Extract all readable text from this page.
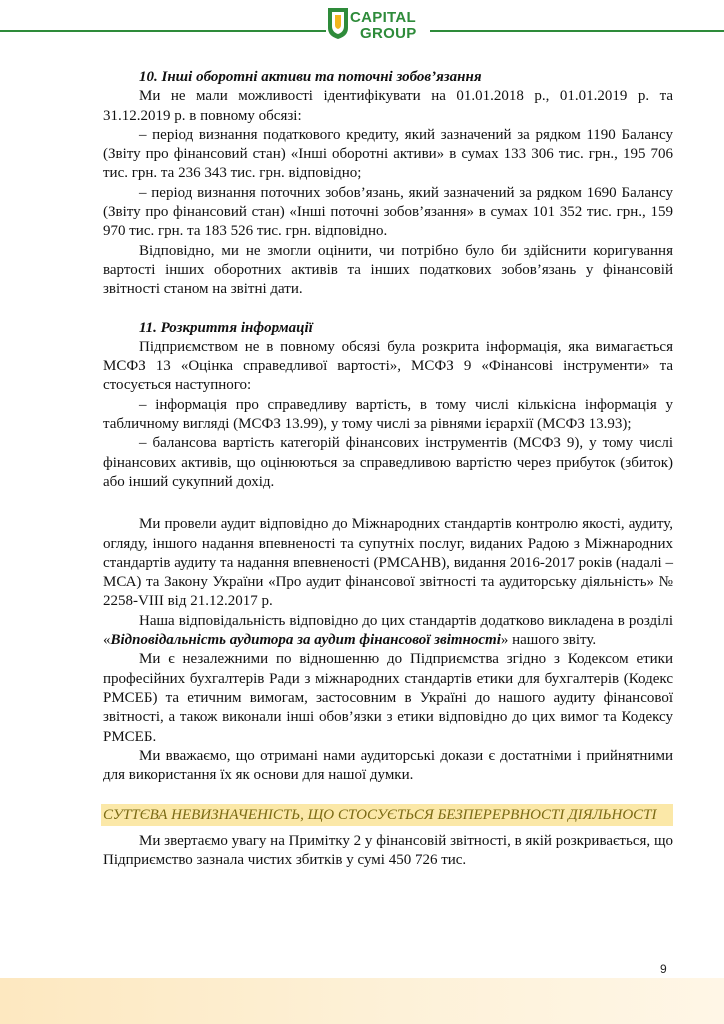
CAPITAL
GROUP

10. Інші оборотні активи та поточні зобов’язання

Ми не мали можливості ідентифікувати на 01.01.2018 р., 01.01.2019 р. та 31.12.2019 р. в повному обсязі:

– період визнання податкового кредиту, який зазначений за рядком 1190 Балансу (Звіту про фінансовий стан) «Інші оборотні активи» в сумах 133 306 тис. грн., 195 706 тис. грн. та 236 343 тис. грн. відповідно;

– період визнання поточних зобов’язань, який зазначений за рядком 1690 Балансу (Звіту про фінансовий стан) «Інші поточні зобов’язання» в сумах 101 352 тис. грн., 159 970 тис. грн. та 183 526 тис. грн. відповідно.

Відповідно, ми не змогли оцінити, чи потрібно було би здійснити коригування вартості інших оборотних активів та інших податкових зобов’язань у фінансовій звітності станом на звітні дати.

11. Розкриття інформації

Підприємством не в повному обсязі була розкрита інформація, яка вимагається МСФЗ 13 «Оцінка справедливої вартості», МСФЗ 9 «Фінансові інструменти» та стосується наступного:

– інформація про справедливу вартість, в тому числі кількісна інформація у табличному вигляді (МСФЗ 13.99), у тому числі за рівнями ієрархії (МСФЗ 13.93);

– балансова вартість категорій фінансових інструментів (МСФЗ 9), у тому числі фінансових активів, що оцінюються за справедливою вартістю через прибуток (збиток) або інший сукупний дохід.

Ми провели аудит відповідно до Міжнародних стандартів контролю якості, аудиту, огляду, іншого надання впевненості та супутніх послуг, виданих Радою з Міжнародних стандартів аудиту та надання впевненості (РМСАНВ), видання 2016-2017 років (надалі – МСА) та Закону України «Про аудит фінансової звітності та аудиторську діяльність» № 2258-VIII від 21.12.2017 р.

Наша відповідальність відповідно до цих стандартів додатково викладена в розділі «Відповідальність аудитора за аудит фінансової звітності» нашого звіту.

Ми є незалежними по відношенню до Підприємства згідно з Кодексом етики професійних бухгалтерів Ради з міжнародних стандартів етики для бухгалтерів (Кодекс РМСЕБ) та етичним вимогам, застосовним в Україні до нашого аудиту фінансової звітності, а також виконали інші обов’язки з етики відповідно до цих вимог та Кодексу РМСЕБ.

Ми вважаємо, що отримані нами аудиторські докази є достатніми і прийнятними для використання їх як основи для нашої думки.

СУТТЄВА НЕВИЗНАЧЕНІСТЬ, ЩО СТОСУЄТЬСЯ БЕЗПЕРЕРВНОСТІ ДІЯЛЬНОСТІ

Ми звертаємо увагу на Примітку 2 у фінансовій звітності, в якій розкривається, що Підприємство зазнала чистих збитків у сумі 450 726 тис.

9
